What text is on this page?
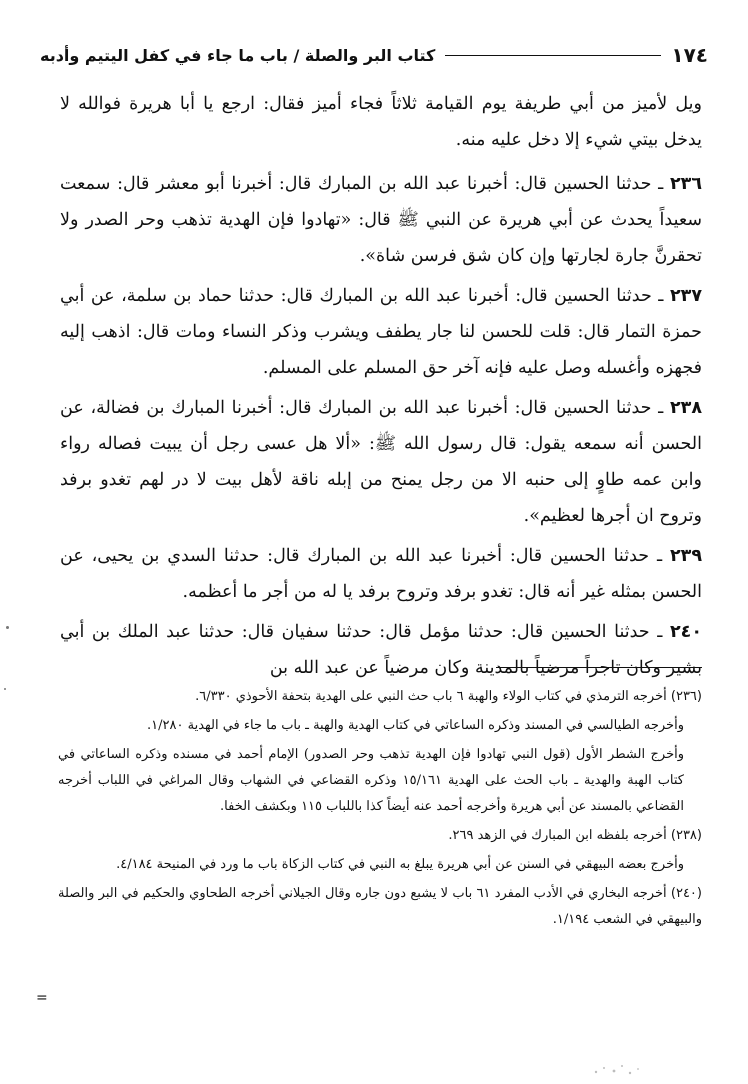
١٧٤
كتاب البر والصلة / باب ما جاء في كفل اليتيم وأدبه

ويل لأميز من أبي طريفة يوم القيامة ثلاثاً فجاء أميز فقال: ارجع يا أبا هريرة فوالله لا يدخل بيتي شيء إلا دخل عليه منه.

٢٣٦ ـ حدثنا الحسين قال: أخبرنا عبد الله بن المبارك قال: أخبرنا أبو معشر قال: سمعت سعيداً يحدث عن أبي هريرة عن النبي ﷺ قال: «تهادوا فإن الهدية تذهب وحر الصدر ولا تحقرنَّ جارة لجارتها وإن كان شق فرسن شاة».

٢٣٧ ـ حدثنا الحسين قال: أخبرنا عبد الله بن المبارك قال: حدثنا حماد بن سلمة، عن أبي حمزة التمار قال: قلت للحسن لنا جار يطفف ويشرب وذكر النساء ومات قال: اذهب إليه فجهزه وأغسله وصل عليه فإنه آخر حق المسلم على المسلم.

٢٣٨ ـ حدثنا الحسين قال: أخبرنا عبد الله بن المبارك قال: أخبرنا المبارك بن فضالة، عن الحسن أنه سمعه يقول: قال رسول الله ﷺ: «ألا هل عسى رجل أن يبيت فصاله رواء وابن عمه طاوٍ إلى حنبه الا من رجل يمنح من إبله ناقة لأهل بيت لا در لهم تغدو برفد وتروح ان أجرها لعظيم».

٢٣٩ ـ حدثنا الحسين قال: أخبرنا عبد الله بن المبارك قال: حدثنا السدي بن يحيى، عن الحسن بمثله غير أنه قال: تغدو برفد وتروح برفد يا له من أجر ما أعظمه.

٢٤٠ ـ حدثنا الحسين قال: حدثنا مؤمل قال: حدثنا سفيان قال: حدثنا عبد الملك بن أبي بشير وكان تاجراً مرضياً بالمدينة وكان مرضياً عن عبد الله بن

(٢٣٦) أخرجه الترمذي في كتاب الولاء والهبة ٦ باب حث النبي على الهدية بتحفة الأحوذي ٦/٣٣٠.

وأخرجه الطيالسي في المسند وذكره الساعاتي في كتاب الهدية والهبة ـ باب ما جاء في الهدية ١/٢٨٠.

وأخرج الشطر الأول (قول النبي تهادوا فإن الهدية تذهب وحر الصدور) الإمام أحمد في مسنده وذكره الساعاتي في كتاب الهبة والهدية ـ باب الحث على الهدية ١٥/١٦١ وذكره القضاعي في الشهاب وقال المراغي في اللباب أخرجه القضاعي بالمسند عن أبي هريرة وأخرجه أحمد عنه أيضاً كذا باللباب ١١٥ وبكشف الخفا.

(٢٣٨) أخرجه بلفظه ابن المبارك في الزهد ٢٦٩.

وأخرج بعضه البيهقي في السنن عن أبي هريرة يبلغ به النبي في كتاب الزكاة باب ما ورد في المنيحة ٤/١٨٤.

(٢٤٠) أخرجه البخاري في الأدب المفرد ٦١ باب لا يشبع دون جاره وقال الجيلاني أخرجه الطحاوي والحكيم في البر والصلة والبيهقي في الشعب ١/١٩٤.

=
